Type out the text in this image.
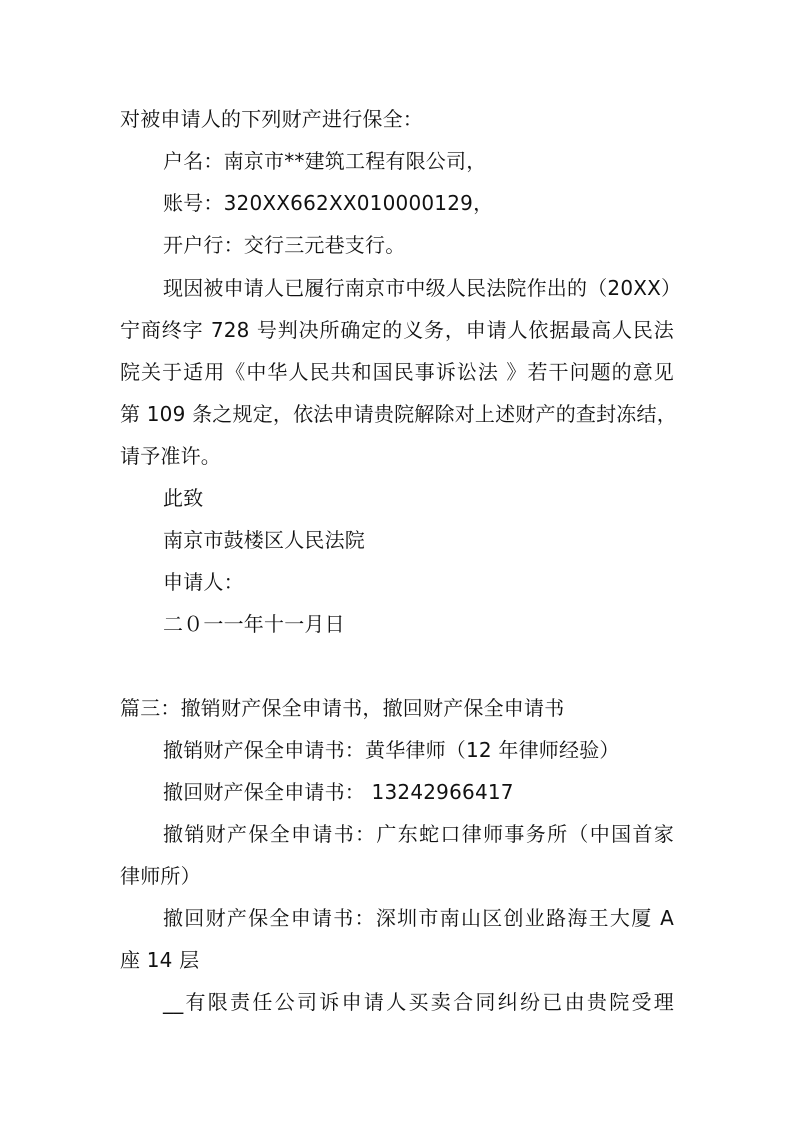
对被申请人的下列财产进行保全：
户名：南京市**建筑工程有限公司，
账号：320XX662XX010000129，
开户行：交行三元巷支行。
现因被申请人已履行南京市中级人民法院作出的（20XX）
宁商终字 728 号判决所确定的义务，申请人依据最高人民法
院关于适用《中华人民共和国民事诉讼法 》若干问题的意见
第 109 条之规定，依法申请贵院解除对上述财产的查封冻结，
请予准许。
此致
南京市鼓楼区人民法院
申请人：
二０一一年十一月日
篇三：撤销财产保全申请书，撤回财产保全申请书
撤销财产保全申请书：黄华律师（12 年律师经验）
撤回财产保全申请书： 13242966417
撤销财产保全申请书：广东蛇口律师事务所（中国首家
律师所）
撤回财产保全申请书：深圳市南山区创业路海王大厦 A
座 14 层
__有限责任公司诉申请人买卖合同纠纷已由贵院受理
